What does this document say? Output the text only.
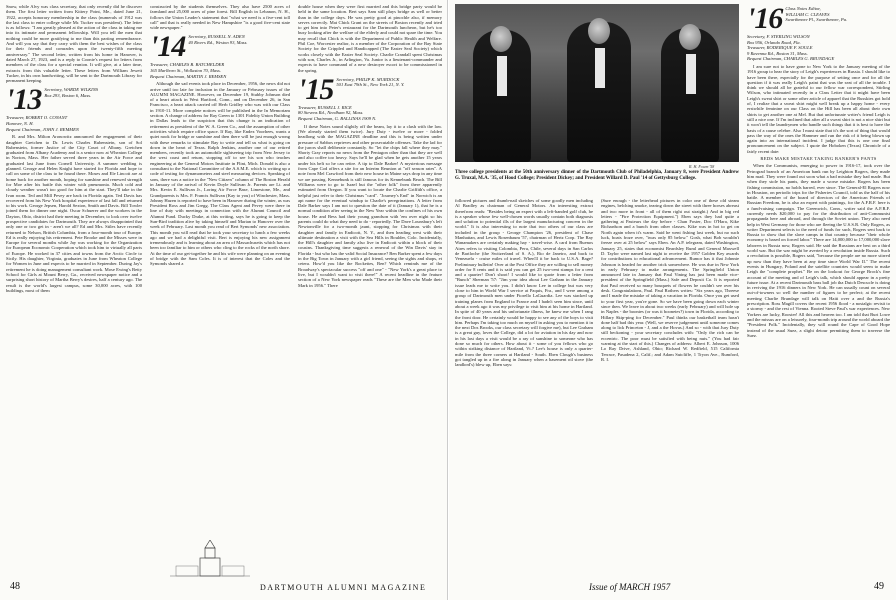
Snow, while Alvy was class secretary, that only recently did he discover them. The first letter written from Kittery Point, Me., dated June 21, 1922, accepts honorary membership in the class (numerals of 1912 was the last class to enter college while Mr. Tucker was president). The letter is as follows: "I am greatly pleased at the action of the class in taking me into its intimate and permanent fellowship. Will you tell the men that nothing could be more gratifying to me than this parting remembrance. And will you say that they carry with them the best wishes of the class for their friends and comrades upon the twenty-fifth meeting anniversary." The second letter, written from his home in Hanover, is dated March 27, 1923, and is a reply to Coonie's request for letters from members of the class for a special reunion. It will give, at a later time, extracts from this valuable letter. These letters from William Jewett Tucker, in his own handwriting, will be sent to the Dartmouth Library for permanent keeping.

'13 Secretary, WARDE WILKINS
Box 293, Boston 6, Mass.
Treasurer, ROBERT O. CONANT
Hanover, N. H.
Bequest Chairman, JOHN J. REMMEN

R. and Mrs. Milton Aronowitz announced the engagement of their daughter Gretchen to Dr. Lewis Charles Rubenstein, son of Sol Rubenstein, former Justice of the City Court of Albany. Gretchen graduated from Albany Academy and is a senior now at Wheaton College in Norton, Mass. Her father served three years in the Air Force and graduated last June from Cornell University. A summer wedding is planned. George and Helen Knight have started for Florida and hope to call on some of the class to be found there. Moses and Ele Lincott are at home back for another month, hoping for sunshine and renewed strength for Moe after his battle this winter with pneumonia. Much cold and cloudy weather wasn't too good for him at the start. They'll take in the Ivan room. Ted and Mill Pevey are back in Florida again. Ted Davis has recovered from his New York hospital experience of last fall and returned to his work. George Jepsen, Harold Sexton, Smith and Davis. Bill Towler joined them for dinner one night. Oscar Schuerer and the workers in the Dayton, Ohio, district had their meeting in December, to look over twelve prospective candidates for Dartmouth. They are always disappointed that only one or two get in - aren't we all? Ed and Mrs. Stiles have recently returned to Nelson, British Columbia, from a four-month tour of Europe. Ed is really enjoying his retirement. Pete Brooke and the Misses were in Europe for several months while Jay was working for the Organization for European Economic Cooperation which took him to virtually all parts of Europe. He worked in 37 cities and towns from the Arctic Circle to Sicily. His daughter, Virginia, graduates in June from Wheaton College for Women in June and expects to be married in September. During Jay's retirement he is doing management consultant work. Mose Ewing's Betty School for Girls at Mount Berry, Ga., received newspaper notice and a surprising short history of Martha Berry's desires, half a century ago. The result is the world's largest campus, some 30,000 acres, with 100 buildings, most of them

constructed by the students themselves. They also have 2500 acres of farmland and 25,000 acres of pine forest. Bill English in Lebanon, N. H., follows the Union Leader's statement that "what we need is a five-cent toll call" and that is really needed in New Hampshire "is a good five-cent state wide newspaper."

'14 Secretary, RUSSELL N. ADEN
40 Rivers Rd., Weston 93, Mass.
Treasurer, CHARLES B. BATCHELDER
165 Marlboro St., Wollaston 70, Mass.
Bequest Chairman, MARTIN J. REMSEN

Although the sad events took place in December, 1956, the news did not arrive until too late for inclusion in the January or February issues of the ALUMNI MAGAZINE. However, on December 19, Stubby Johnson died of a heart attack in West Hartford, Conn., and on December 26, in San Francisco, a heart attack carried off Herb Gridley who was with our Class in 1910-11. More complete notices will be published in the In Memoriam section. A change of address for Ray Green to 1301 Fidelity Union Building in Dallas leads to the suspicion that this change is an indication of retirement as president of the W. A. Green Co., and the assumption of other activities which require office space. If Ray, like Endex Voorhees, wants a quiet nook for bridge or sunshine and then there will be just enough wrong with these remarks to stimulate Ray to write and tell us what is going on down in the heart of Texas. Ralph Jenkins, another one of our retired members, recently took an automobile sightseeing trip from New Jersey to the west coast and return, stopping off to see his son who teaches engineering at the General Motors Institute in Flint, Mich. Donald is also a consultant to the National Committee of the A.S.M.E. which is writing up a code of testing for dynamometers and steel measuring devices. Speaking of sons, there was a notice in the "New Citizen" column of The Boston Herald in January of the arrival of Kevin Doyle Sullivan Jr. Parents are Lt. and Mrs. Kevin E. Sullivan Jr., Loring Air Force Base, Limestone, Me., and Grandparents is Mrs. F. Francis Sullivan (Kay to you) of Winchester, Mass. Johnny Hazen is reported to have been in Hanover during the winter, as was President Ross and Jim Gregg. The Class Agent and Pevey were there in line of duty with meetings in connection with the Alumni Council and Alumni Fund. Ducky Drake, at this writing, says he is going to keep the Sun-Bird tradition alive by taking himself and Marian to Hanover over the week of February. Last month you read of Bert Symonds' new association. This month you will read that he took your secretary to lunch a few weeks ago and we had a delightful visit. Bert is enjoying his new assignment tremendously and is learning about an area of Massachusetts which has not been too familiar to him or others who cling to the rocks of the north shore. At the time of our get-together he and his wife were planning on an evening of bridge with the Sam Coles. It is of interest that the Coles and the Symonds shared a

double house when they were first married and this bridge party would be held in the same location. Bert says Sam still plays bridge as well or better than in the college days. He was pretty good at pinochle also, if memory serves correctly. Mat Chick Grant on the streets of Boston recently and tried to get him into Peter's restaurant for the Dartmouth luncheon, but he's too busy looking after the welfare of the elderly and could not spare the time. You may recall that Chick is with the Department of Public Health and Welfare. Phil Coe, Worcester realtor, is a member of the Corporation of the Bay State Society for the Crippled and Handicapped (The Easter Seal Society) which works closely with the Easter Seal Society. Charlie Crandall spent Christmas with son, Charles Jr., in Arlington, Va. Junior is a lieutenant-commander and expects to have command of a new destroyer escort to be commissioned in the spring.

'15 Secretary, PHILIP K. MURDOCK
501 East 79th St., New York 21, N. Y.
Treasurer, RUSSELL J. RICE
80 Stevens Rd., Needham 92, Mass.
Bequest Chairman, G. BALLINAS 1909 N.

If these Notes sound slightly off the beam, lay it to a clash with the law. (We already started them twice). Jury Duty - twelve or more - folded headlong with the MAGAZINE deadline and this is being written under pressure of Sabbos reprieves and other prosecutable offenses. Take the lad for the jurors shall deliberate constantly. So "let the chips fall where they may." Shorty Gray reports no news from the Pentagon other than that they are well and also coffee too heavy. Says he'll be glad when he gets another 15 years under his belt so he can retire. A tip to Dale Barker! A mysterious message from Cape Cod offers a site for an Interim Reunion at "off season rates". A note from Mel Crawford from their new house in Maine says drop in any time we are passing. Kennebunk is still famous for its Kennebunk Beach. The Bill Williams were to go to Israel but the "other folk" from there apparently estimated from Oregon. If you want to locate the Charlie Griffith's office, a helpful just refer to their Christmas "card". "Journey's End" in Norwich is an apt name for the eventual windup to Charlie's peregrinations. A letter from Dale Barker says I am not to question the date of it (January 1), that he is a normal condition after seeing in the New Year within the confines of his own house. He and Bess had their young grandson with 'em over night so his parents could do what they need to do - reportedly. The Dave Lounsbury's left Newtonville for a two-month jaunt, stopping for Christmas with their daughter and family in Endicott, N. Y., and then heading west with their ultimate destination a visit with the Sea Hills in Boulder, Colo. Incidentally, the Hill's daughter and family also live in Endicott within a block of their cousins. Thanksgiving time suggests a renewal of the Win Davis' stay in Florida - but who has the valid Social Insurance? Ben Barker spent a few days in the Big Town in January with a girl friend, seeing the sights and shops, et cetera. How'd you like the Rockettes, Ben? Which reminds me of the Broadway's spectacular success "off and one" - "New York's a great place to live, but I wouldn't want to visit there!" A recent headline in the feature section of a New York newspaper reads "These are the Men who Made their Mark in 1956." There

48	DARTMOUTH ALUMNI MAGAZINE
R. H. Fowm '58
Three college presidents at the 50th anniversary dinner of the Dartmouth Club of Philadelphia, January 8, were President Andrew G. Truxal, M.A. '35, of Hood College; President Dickey; and President Willard D. Paul '14 of Gettysburg College.

followed pictures and thumb-nail sketches of some goodly men including Al Bradley as chairman of General Motors. An interesting extract therefrom reads: "Besides being an expert with a left-handed golf club, he is a speaker whose few well-chosen words usually contain both diagnosis and solution to potential ills of the largest manufacturing concern in the world." It is also interesting to note that two others of our class are included in the group - George Champion '26, president of Chase Manhattan, and Lewis Rosenbaum '57, chairman of Hertz Corp. The Ray Wanamakers are certainly making hay - travel-wise. A card from Buenos Aires refers to visiting Colombia, Peru, Chile, several days in San Carlos de Bariloche (the Switzerland of S. A.), Rio de Janeiro, and back to Venezuela - cruise miles of travel. When'll it be back to U.S.A. Bage? Preliminary bulletin! Over at the Post Office they are willing to sell money order for 8 cents and it is said you can get 25 two-cent stamps for a cent and a quarter! Don't shoot! I would like to quote from a letter from "Bunch" Sherman '57: "Jim your idea about Lee Graham in the January issue leads me to write you. I didn't know Lee in college but was very close to him in World War I service at Paquis, Fra., and I were among a group of Dartmouth men under Fiorello LaGuardia. Lee was stacked up training planes from England to France and I hadn't seen him since, until about a week ago it was my privilege to visit him at his home in Hartland. In spite of 40 years and his unfortunate illness, he knew me when I rang the front door. He certainly would be happy to see any of the boys to visit him. Perhaps I'm taking too much on myself in asking you to mention it in the next Dos Brooks, our class secretary will forgive me), but Lee Graham is a great guy, loves the College, did a lot for aviation in his day and now in his last days a visit would be a ray of sunshine to someone who has done so much for others. How about it - some of you fellows who go within striking distance of Hartland, Vt.? Lee's house is only a quarter-mile from the three corners at Hartland - South. Eben Clough's business got tangled up in a fire along in January when a basement oil stove (the landlord's) blew up, Eben says:

(Sure enough - the letterhead pictures in color one of these old steam engines, belching smoke, tearing down the street with three horses abreast and two more in front - all of them right out straight.) And in big red letters - "Fire Protection Equipment.") Eben says they had quite a gathering at Pasteurs the day before - Chan Foster, Doc O'Hara, Kike Richardson and a bunch from other classes. Kike was in hot to get on North again when it's warm. Said he went fishing last week, but no such luck, boats froze over, "twas only 85 below." Gosh, what Bob wouldn't freeze over at 25 below" says Eben. An A.P. telegram, dated Washington, January 25, states that economist Beardsley Ruml and General Maxwell D. Taylor were named last night to receive the 1957 Golden Key awards for contributions to educational advancement. Rumor has it that Johnnie Johnson is headed for another trick somewhere. He was due in New York in early February to make arrangements. The Springfield Union announced late in January that Paul Vining has just been made vice-president of the Springfield (Mass.) Safe and Deposit Co. It is reported that Paul received so many bouquets of flowers he couldn't see over his desk. Congratulations, Paul. Paul Rothers writes: "Six years ago, Threese and I made the mistake of taking a vacation in Florida. Once you get used to your first year, you're gone. So we have been going down each winter since then. We leave in about two weeks (early February) and will hole up in Naples - the boonies (or was it booneies?) town in Florida, according to Hillary Skip-ping for December." Paul thinks our basketball team hasn't done half bad this year. (Well, we reserve judgement until someone comes along to lick Princeton - J, and a the Hovas.) And so - with that Jury Duty still beckoning - your secretary concludes with: "Only the rich can be eccentric. The poor must be satisfied with being nuts." (You had fair warning at the start of this.) Changes of address: Albert E. Johnson, 1006 Lo Ray Drive, Ashland, Ohio; Richard W. Redfield, 515 California Terrace, Pasadena 2, Calif.; and Adam Sutcliffe, 1 Tryon Ave., Rumford, R. I.

'16 Class Notes Editor,
WILLIAM C. CLEAVES
Swarthmore Pl., Swarthmore, Pa.
Secretary, F. STERLING WILSON
Box 956, Orlando Road, Fla.
Treasurer, RODERIQUE F. SOULE
9 Ravenna Rd., Boston 31, Mass.
Bequest Chairman, CHARLES G. BRUNDAGE

I am sure not to have gone to New York to the January meeting of the 1916 group to hear the story of Leigh's experiences in Russia. I should like to have been there, especially for the purpose of setting once and for all the question if it was really Leigh's paint that was the seat of all the trouble. I think we should all be grateful to our fellow war correspondent, Stirling Wilson, who intimated recently in a Class Letter that it might have been Leigh's sweat shirt or some other article of apparel that the Russkies got hold of, I realize that a sweat shirt might well break up a happy home - every erstwhile feminine on our Class on the Hill has been all about their own shirts to get another one at Mel. But that unfortunate writer's friend Leigh is still a nice one. If I'm inclined that after all a sweat shirt is not a nice shirt but it won't tell the laundrymen who handle such things that it is best to have the basis of a cause celebre. Also I must state that it's the sort of thing that would pass the way of the ones the Hammer and run the risk of it being blown up again into an international incident. I judge that this is one one final pronouncement on the subject. I quote the Hoboken (Texas) Chronicle of a fairly recent date:

REDS MAKE MISTAKE TAKING BANKER'S PANTS

When the Communists, emerging to power in 1916-17, took over the Petrograd branch of an American bank run by Leighton Rogers, they made him mad. They were found out soon what a bad mistake they had made. But when they stole his pants, they made a worse mistake. Rogers has been fishing commission, no holds barred, ever since. The General-El Rogers now in Houston, on periodic trips for the Fisheries Council, told us the half of his battle. A member of the board of directors of the American Friends of Russian Freedom, he is also an expert with paintings, for the A.F.R.F. here is a fund-raising campaign. The Greenwich, Conn., writer said the A.F.R.F. currently needs $20,000 to pay for the distribution of anti-Communist propaganda here and abroad, and through the Soviet union. They also need help in West Germany for those who are fleeing the U.S.S.R. Only Rogers, as writer Department selects to the need of funds for such, Rogers sent back to Russia to show that the slave camps in that country because "their whole economy is based on forced labor." There are 14,000,000 to 17,000,000 slave laborers in Russia now, Rogers said. He said the Russians are best on a third world war. But the war might be averted by a revolution inside Russia. Such a revolution is possible, Rogers said, "because the people are no more stirred up now than they have been at any time since World War II." The recent events in Hungary, Poland and the satellite countries would seem to make Leigh the "complete prophet." Be on the lookout for George Brock's fine account of the meeting and of Leigh's talk, which should appear in a pretty future issue. At a recent Dartmouth bass ball job tha Dutch Descucle is doing in reviving the 1916 dinners in New York. He can usually count on several out-of-towners so well the number of figures to be perfect; at the recent meeting Charlie Brundage will talk on Haiti over a and the Russia's prescription. Ross Magill covers the recent 1956 flood - a nostalgic revisit to a stormy - and the rest of Vienna. Rooted Steve Paul's war experiences. New Yorkers are lucky, Rooster! All this and heaven too. I am told that Burt Lowe and the missus are on a leisurely, four-month trip around the world aboard the "President Polk." Incidentally, they will round the Cape of Good Hope instead of the usual Suez, a slight detour permitting them to traverse the Suez.

Issue of MARCH 1957	49
